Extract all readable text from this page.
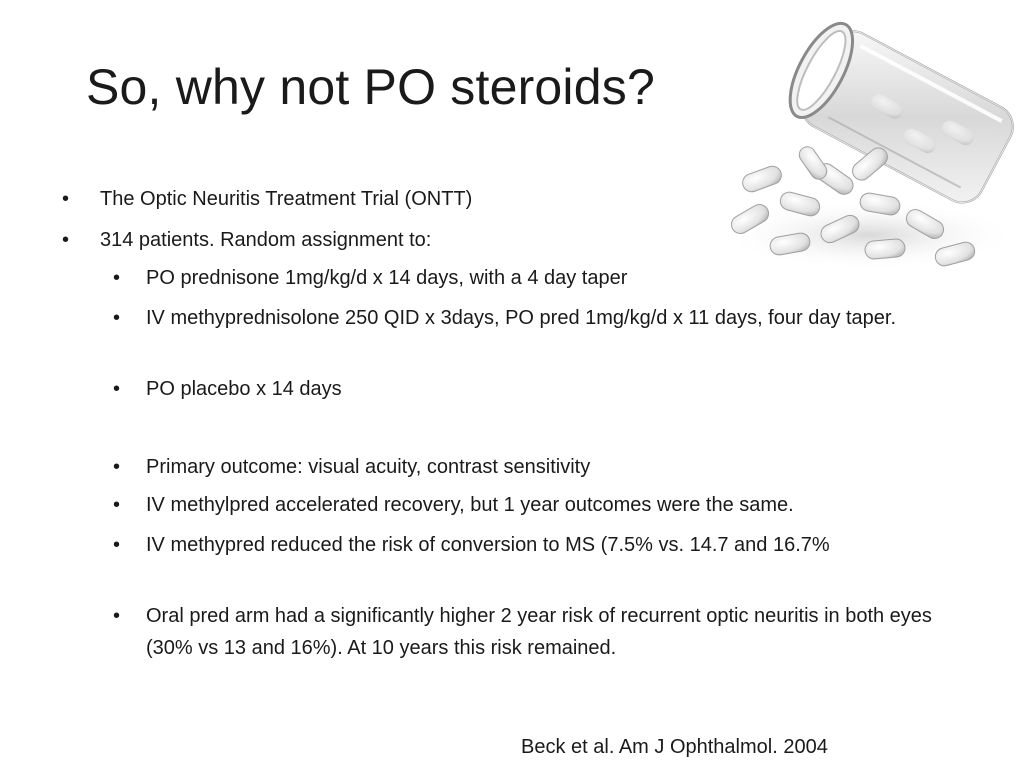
So, why not PO steroids?
• The Optic Neuritis Treatment Trial (ONTT)
• 314 patients. Random assignment to:
• PO prednisone 1mg/kg/d x 14 days, with a 4 day taper
• IV methyprednisolone 250 QID x 3days, PO pred 1mg/kg/d x 11 days, four day taper.
• PO placebo x 14 days
• Primary outcome: visual acuity, contrast sensitivity
• IV methylpred accelerated recovery, but 1 year outcomes were the same.
• IV methypred reduced the risk of conversion to MS (7.5% vs. 14.7 and 16.7%
• Oral pred arm had a significantly higher 2 year risk of recurrent optic neuritis in both eyes (30% vs 13 and 16%). At 10 years this risk remained.
Beck et al. Am J Ophthalmol. 2004
